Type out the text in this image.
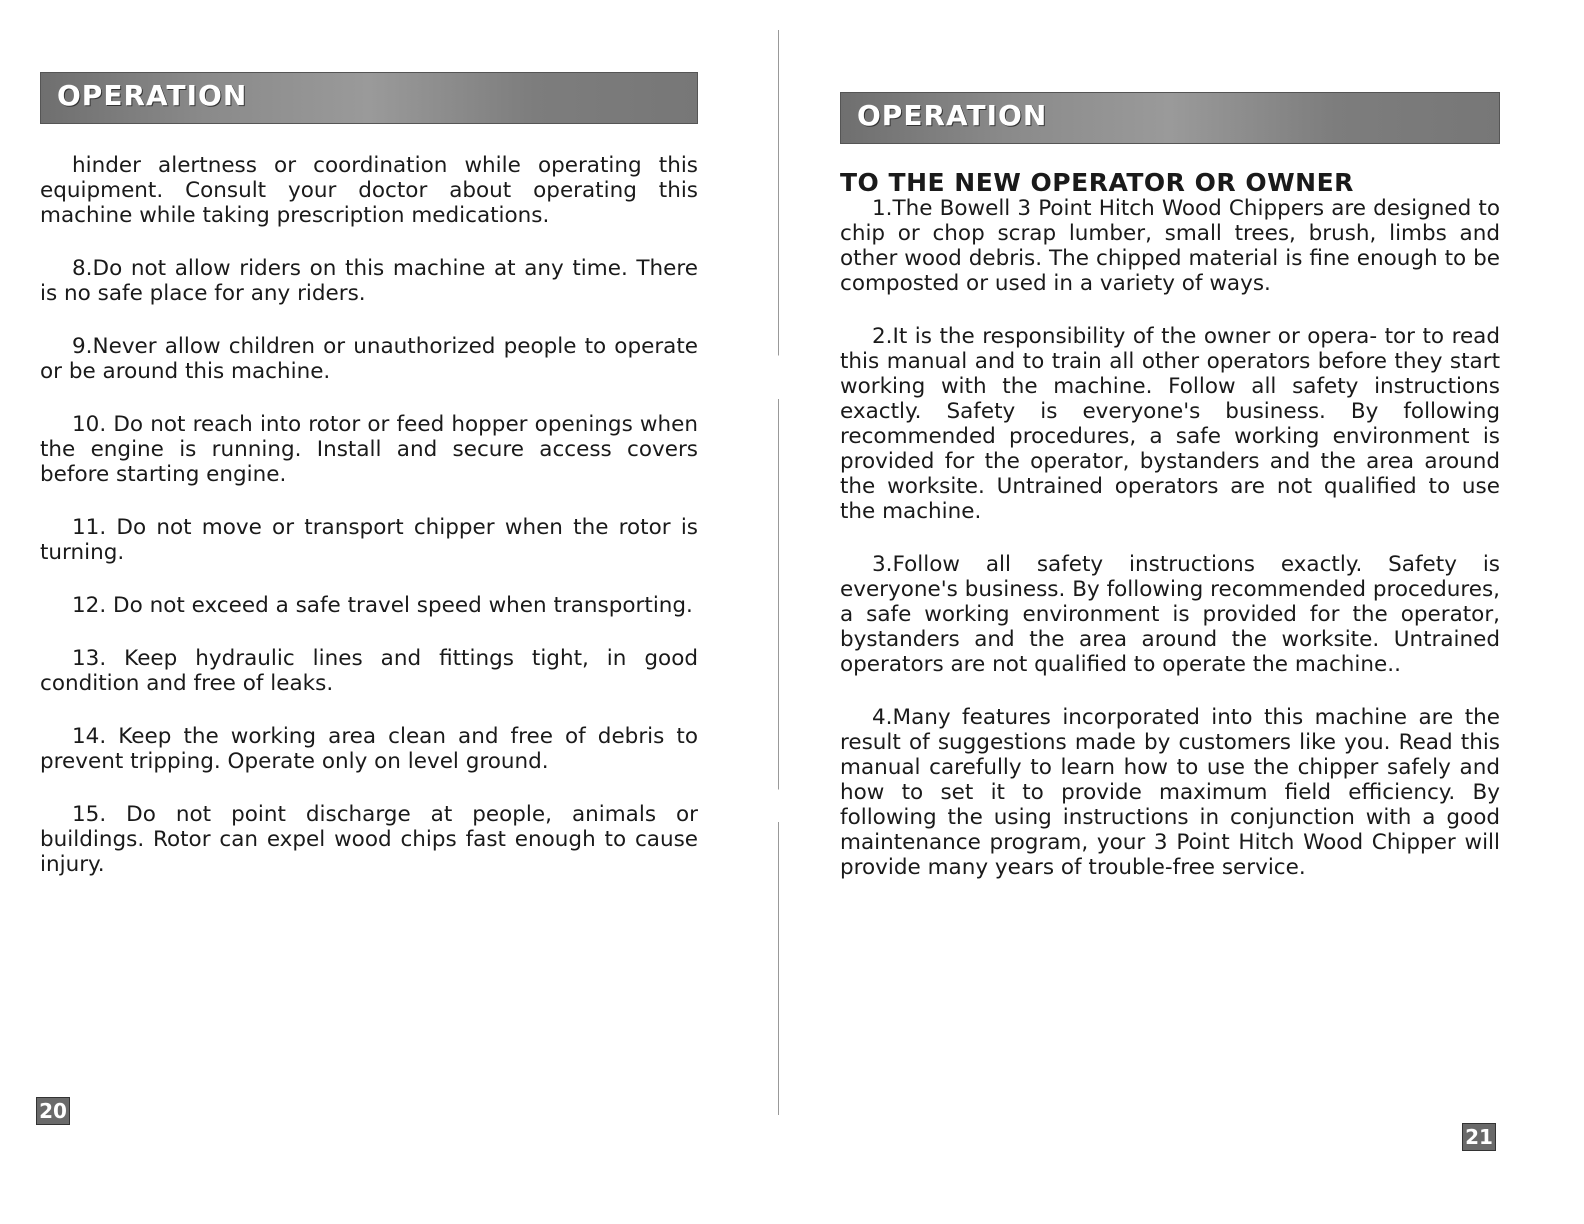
OPERATION

hinder alertness or coordination while operating this equipment. Consult your doctor about operating this machine while taking prescription medications.

8.Do not allow riders on this machine at any time. There is no safe place for any riders.

9.Never allow children or unauthorized people to operate or be around this machine.

10. Do not reach into rotor or feed hopper openings when the engine is running. Install and secure access covers before starting engine.

11. Do not move or transport chipper when the rotor is turning.

12. Do not exceed a safe travel speed when transporting.

13. Keep hydraulic lines and fittings tight, in good condition and free of leaks.

14. Keep the working area clean and free of debris to prevent tripping. Operate only on level ground.

15. Do not point discharge at people, animals or buildings. Rotor can expel wood chips fast enough to cause injury.

20
OPERATION
TO THE NEW OPERATOR OR OWNER

1.The Bowell 3 Point Hitch Wood Chippers are designed to chip or chop scrap lumber, small trees, brush, limbs and other wood debris. The chipped material is fine enough to be composted or used in a variety of ways.

2.It is the responsibility of the owner or opera- tor to read this manual and to train all other operators before they start working with the machine. Follow all safety instructions exactly. Safety is everyone's business. By following recommended procedures, a safe working environment is provided for the operator, bystanders and the area around the worksite. Untrained operators are not qualified to use the machine.

3.Follow all safety instructions exactly. Safety is everyone's business. By following recommended procedures, a safe working environment is provided for the operator, bystanders and the area around the worksite. Untrained operators are not qualified to operate the machine..

4.Many features incorporated into this machine are the result of suggestions made by customers like you. Read this manual carefully to learn how to use the chipper safely and how to set it to provide maximum field efficiency. By following the using instructions in conjunction with a good maintenance program, your 3 Point Hitch Wood Chipper will provide many years of trouble-free service.

21
